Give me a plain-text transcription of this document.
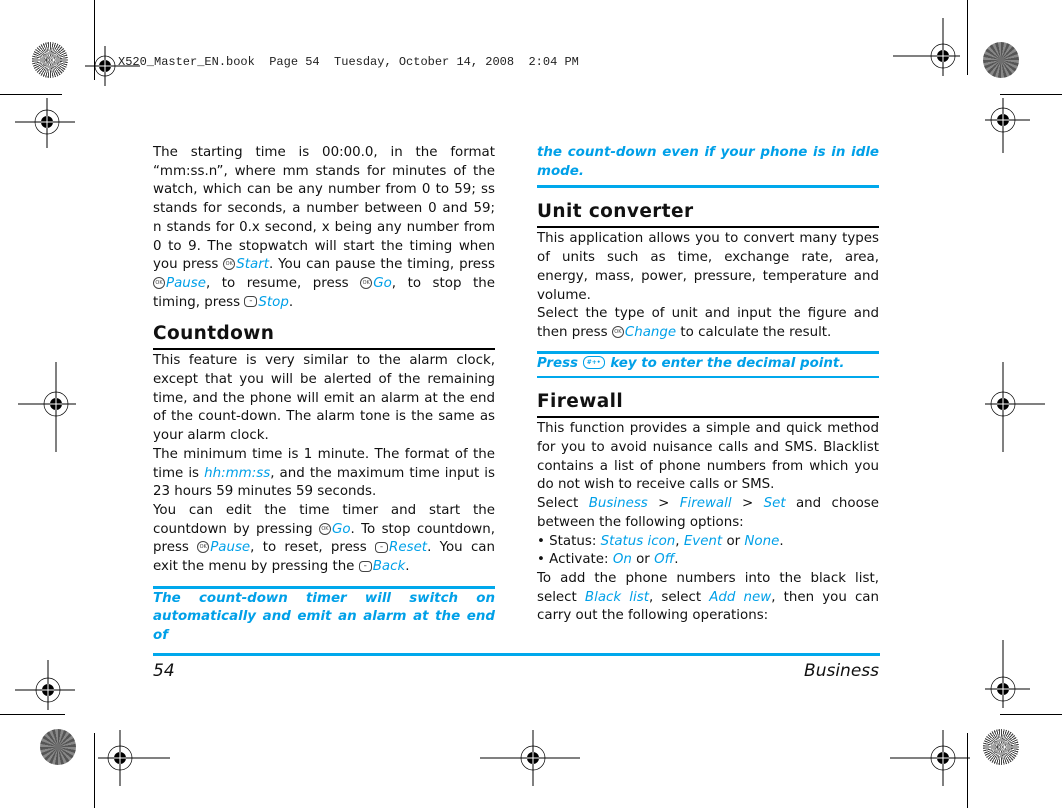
X520_Master_EN.book  Page 54  Tuesday, October 14, 2008  2:04 PM

The starting time is 00:00.0, in the format “mm:ss.n”, where mm stands for minutes of the watch, which can be any number from 0 to 59; ss stands for seconds, a number between 0 and 59; n stands for 0.x second, x being any number from 0 to 9. The stopwatch will start the timing when you press OK Start. You can pause the timing, press OK Pause, to resume, press OK Go, to stop the timing, press - Stop.

Countdown

This feature is very similar to the alarm clock, except that you will be alerted of the remaining time, and the phone will emit an alarm at the end of the count-down. The alarm tone is the same as your alarm clock.

The minimum time is 1 minute. The format of the time is hh:mm:ss, and the maximum time input is 23 hours 59 minutes 59 seconds.

You can edit the time timer and start the countdown by pressing OK Go. To stop countdown, press OK Pause, to reset, press - Reset. You can exit the menu by pressing the - Back.

The count-down timer will switch on automatically and emit an alarm at the end of

the count-down even if your phone is in idle mode.

Unit converter

This application allows you to convert many types of units such as time, exchange rate, area, energy, mass, power, pressure, temperature and volume.

Select the type of unit and input the figure and then press OK Change to calculate the result.

Press #+• key to enter the decimal point.

Firewall

This function provides a simple and quick method for you to avoid nuisance calls and SMS. Blacklist contains a list of phone numbers from which you do not wish to receive calls or SMS.

Select Business > Firewall > Set and choose between the following options:

• Status: Status icon, Event or None.

• Activate: On or Off.

To add the phone numbers into the black list, select Black list, select Add new, then you can carry out the following operations:

54	Business
